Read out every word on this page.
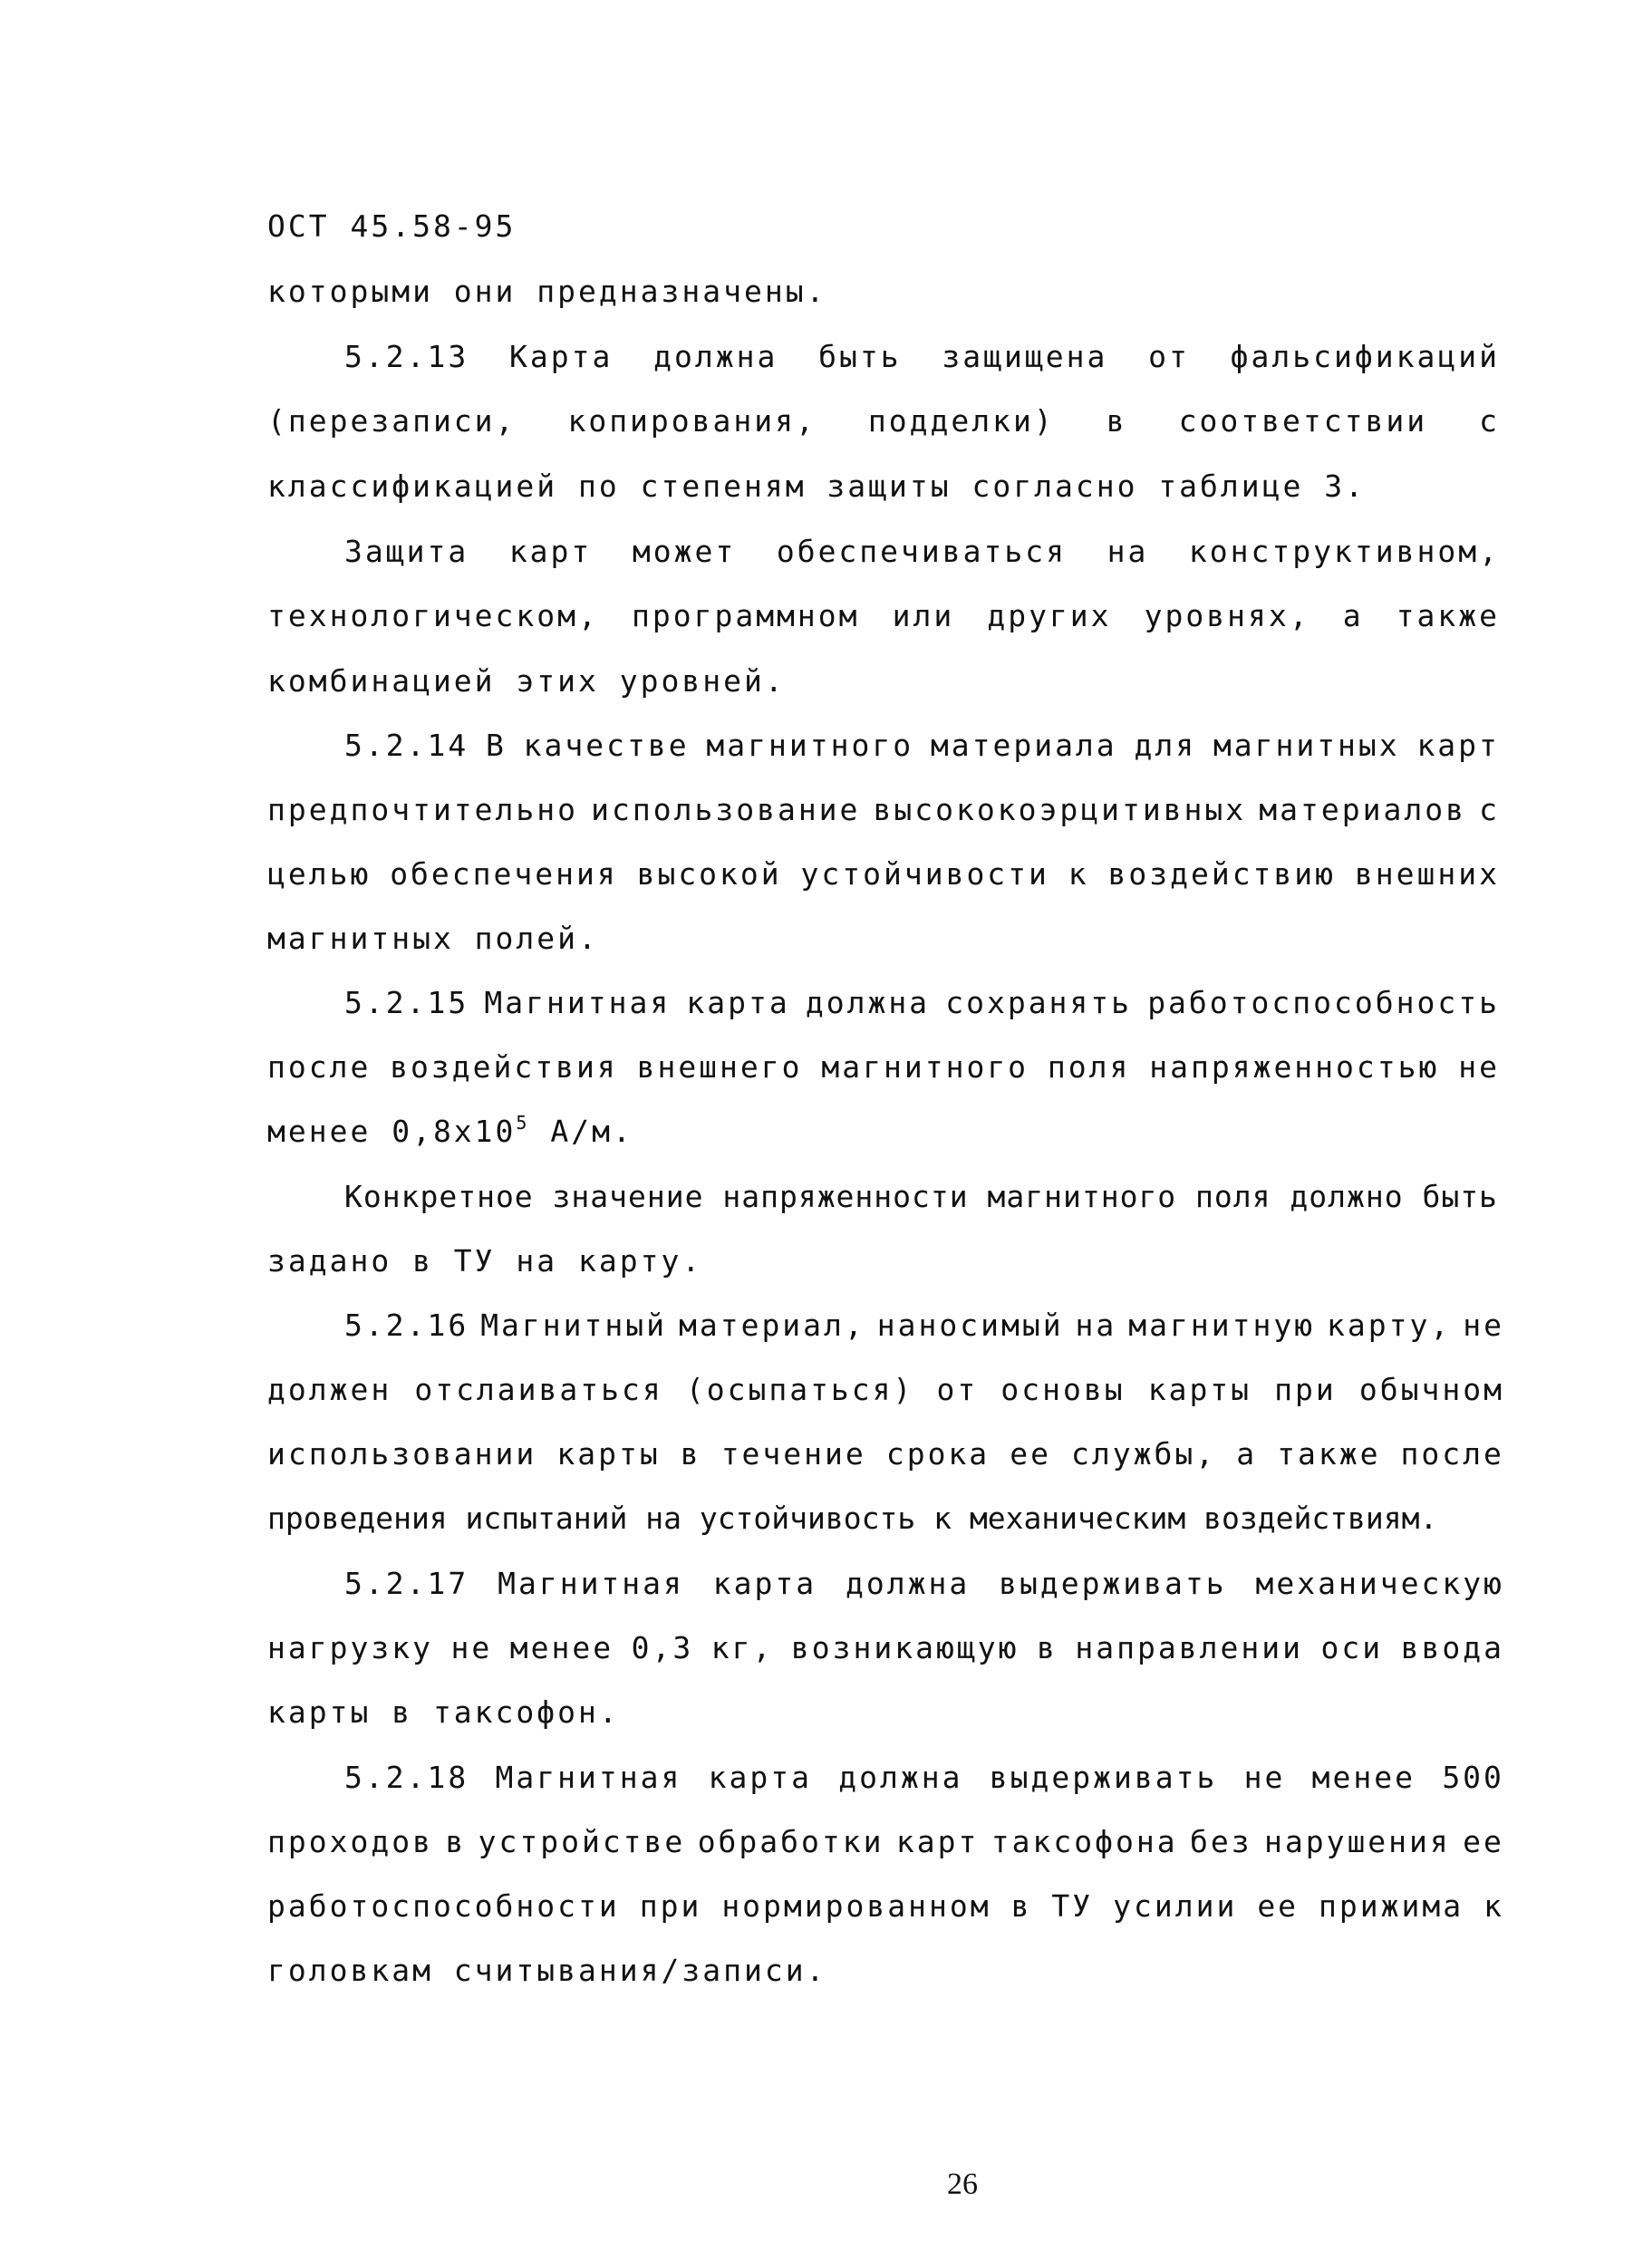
ОСТ 45.58-95
которыми они предназначены.
5.2.13 Карта должна быть защищена от фальсификаций
(перезаписи, копирования, подделки) в соответствии с
классификацией по степеням защиты согласно таблице 3.
Защита карт может обеспечиваться на конструктивном,
технологическом, программном или других уровнях, а также
комбинацией этих уровней.
5.2.14 В качестве магнитного материала для магнитных карт
предпочтительно использование высококоэрцитивных материалов с
целью обеспечения высокой устойчивости к воздействию внешних
магнитных полей.
5.2.15 Магнитная карта должна сохранять работоспособность
после воздействия внешнего магнитного поля напряженностью не
менее $0,8x10^5$ А/м.
Конкретное значение напряженности магнитного поля должно быть
задано в ТУ на карту.
5.2.16 Магнитный материал, наносимый на магнитную карту, не
должен отслаиваться (осыпаться) от основы карты при обычном
использовании карты в течение срока ее службы, а также после
проведения испытаний на устойчивость к механическим воздействиям.
5.2.17 Магнитная карта должна выдерживать механическую
нагрузку не менее 0,3 кг, возникающую в направлении оси ввода
карты в таксофон.
5.2.18 Магнитная карта должна выдерживать не менее 500
проходов в устройстве обработки карт таксофона без нарушения ее
работоспособности при нормированном в ТУ усилии ее прижима к
головкам считывания/записи.
26
